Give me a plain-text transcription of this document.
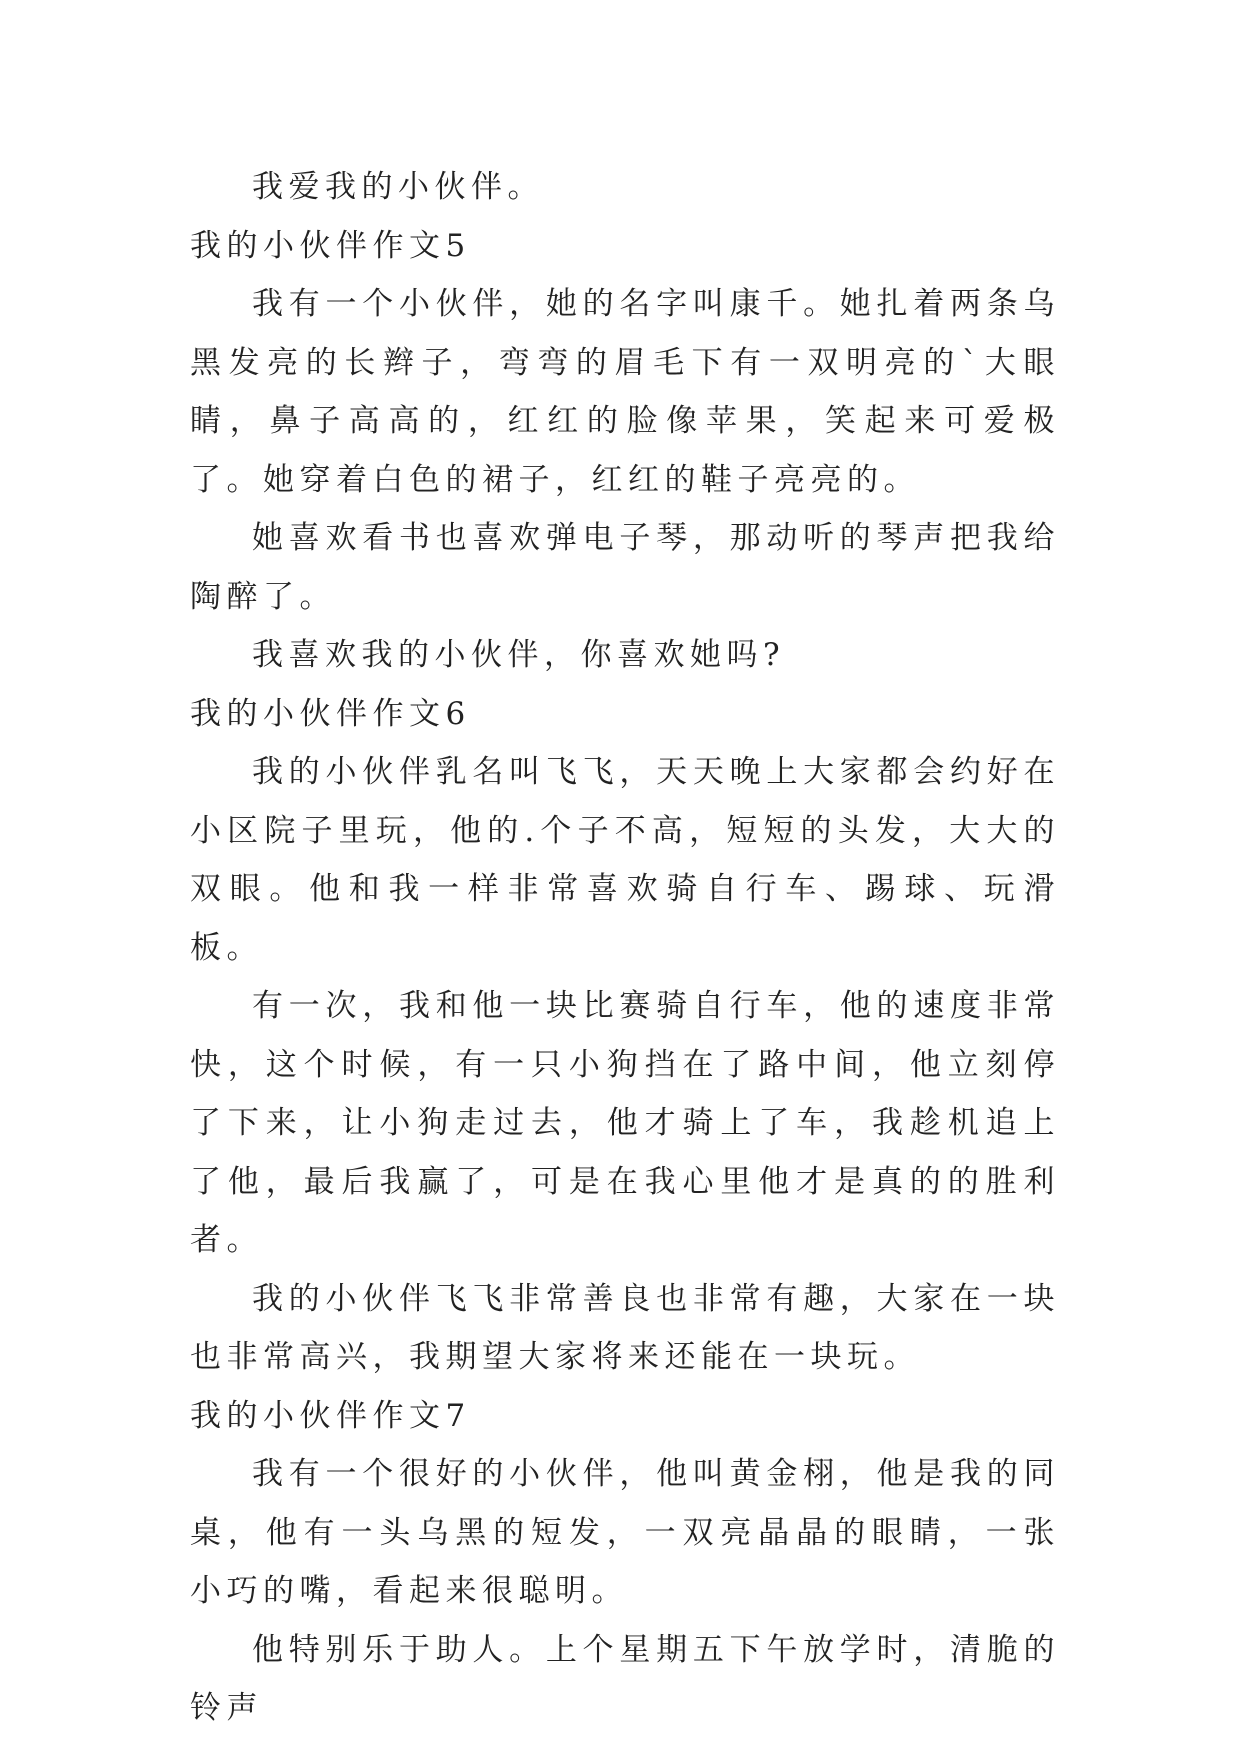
我爱我的小伙伴。

我的小伙伴作文5

我有一个小伙伴，她的名字叫康千。她扎着两条乌黑发亮的长辫子，弯弯的眉毛下有一双明亮的`大眼睛，鼻子高高的，红红的脸像苹果，笑起来可爱极了。她穿着白色的裙子，红红的鞋子亮亮的。

她喜欢看书也喜欢弹电子琴，那动听的琴声把我给陶醉了。

我喜欢我的小伙伴，你喜欢她吗?

我的小伙伴作文6

我的小伙伴乳名叫飞飞，天天晚上大家都会约好在小区院子里玩，他的.个子不高，短短的头发，大大的双眼。他和我一样非常喜欢骑自行车、踢球、玩滑板。

有一次，我和他一块比赛骑自行车，他的速度非常快，这个时候，有一只小狗挡在了路中间，他立刻停了下来，让小狗走过去，他才骑上了车，我趁机追上了他，最后我赢了，可是在我心里他才是真的的胜利者。

我的小伙伴飞飞非常善良也非常有趣，大家在一块也非常高兴，我期望大家将来还能在一块玩。

我的小伙伴作文7

我有一个很好的小伙伴，他叫黄金栩，他是我的同桌，他有一头乌黑的短发，一双亮晶晶的眼睛，一张小巧的嘴，看起来很聪明。

他特别乐于助人。上个星期五下午放学时，清脆的铃声
